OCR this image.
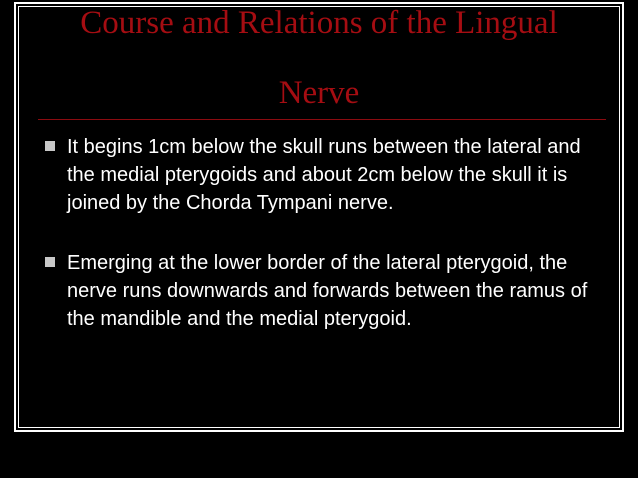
Course and Relations of the Lingual
Nerve
It begins 1cm below the skull runs between the lateral and the medial pterygoids and about 2cm below the skull it is joined by the Chorda Tympani nerve.
Emerging at the lower border of the lateral pterygoid, the nerve runs downwards and forwards between the ramus of the mandible and the medial pterygoid.
